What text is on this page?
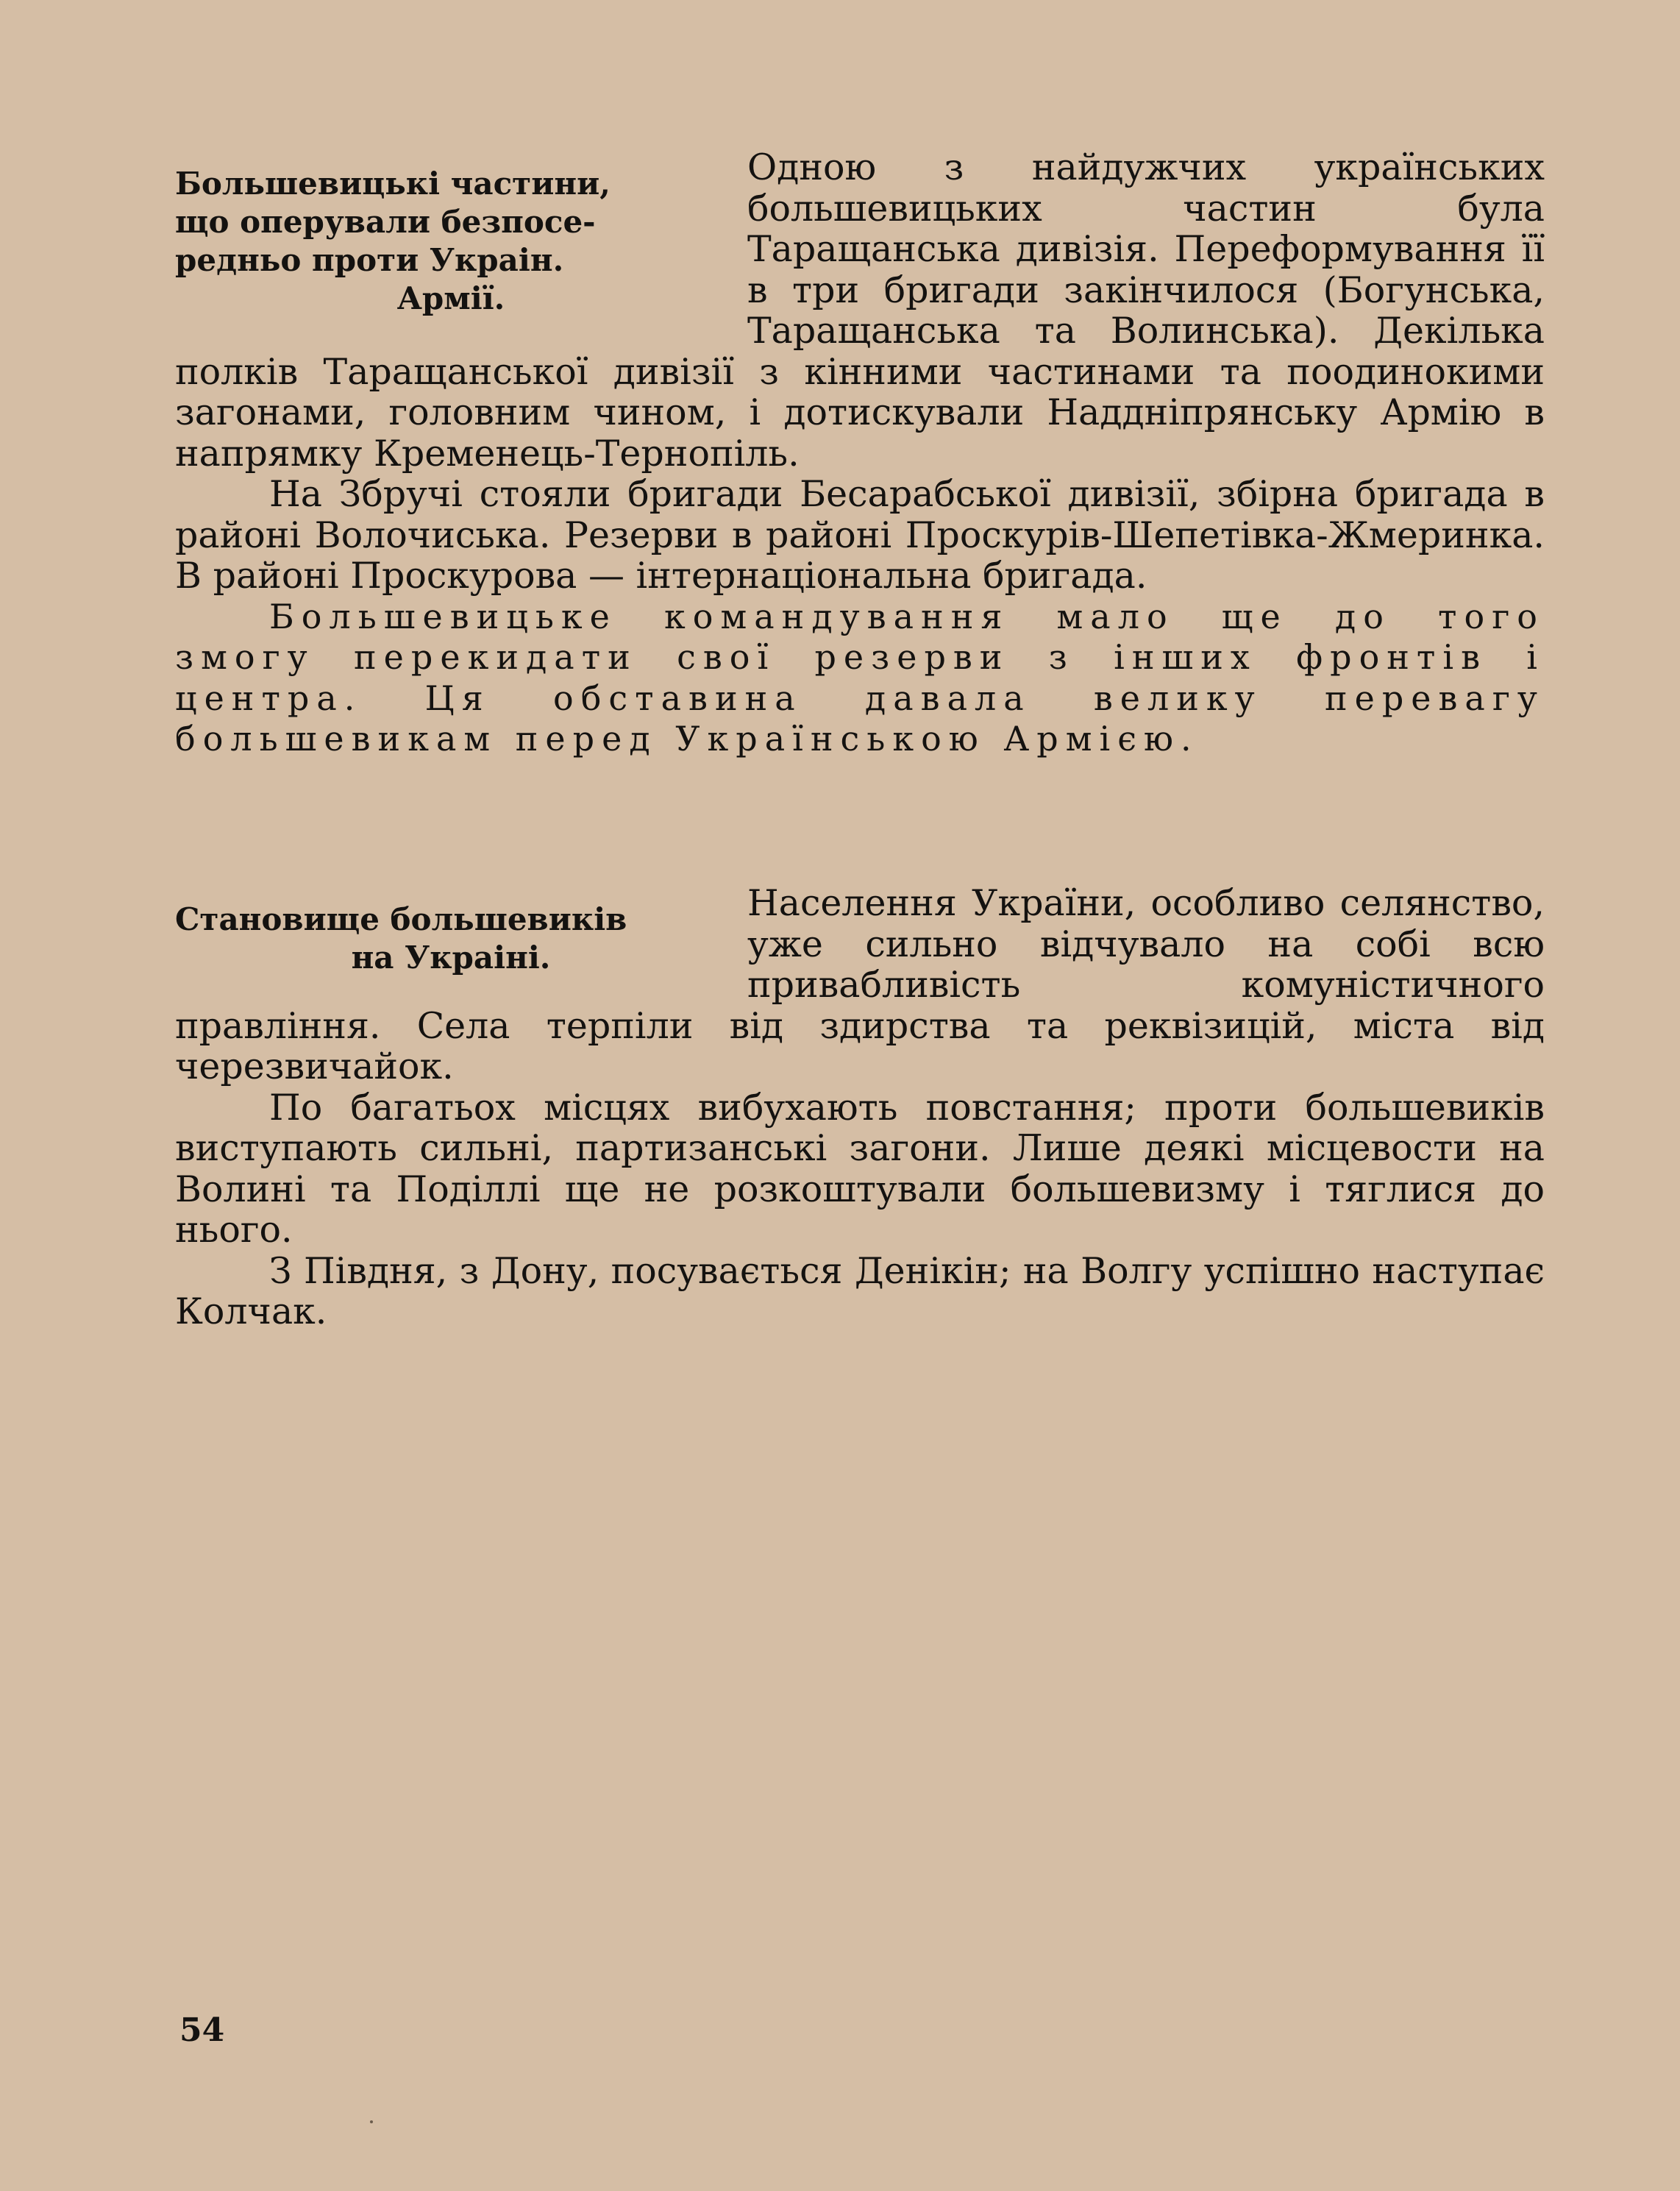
Большевицькі частини,
що оперували безпосе-
редньо проти Украін.
Армії.

Одною з найдужчих українських большевицьких частин була Таращанська дивізія. Переформування її в три бригади закінчилося (Богунська, Таращанська та Волинська). Декілька полків Таращанської дивізії з кінними частинами та поодинокими загонами, головним чином, і дотискували Наддніпрянську Армію в напрямку Кременець-Тернопіль.

На Збручі стояли бригади Бесарабської дивізії, збірна бригада в районі Волочиська. Резерви в районі Проскурів-Шепетівка-Жмеринка. В районі Проскурова — інтернаціональна бригада.

Большевицьке командування мало ще до того змогу перекидати свої резерви з інших фронтів і центра. Ця обставина давала велику перевагу большевикам перед Українською Армією.

Становище большевиків
на Украіні.

Населення України, особливо селянство, уже сильно відчувало на собі всю привабливість комуністичного правління. Села терпіли від здирства та реквізицій, міста від черезвичайок.

По багатьох місцях вибухають повстання; проти большевиків виступають сильні, партизанські загони. Лише деякі місцевости на Волині та Поділлі ще не розкоштували большевизму і тяглися до нього.

З Півдня, з Дону, посувається Денікін; на Волгу успішно наступає Колчак.

54
